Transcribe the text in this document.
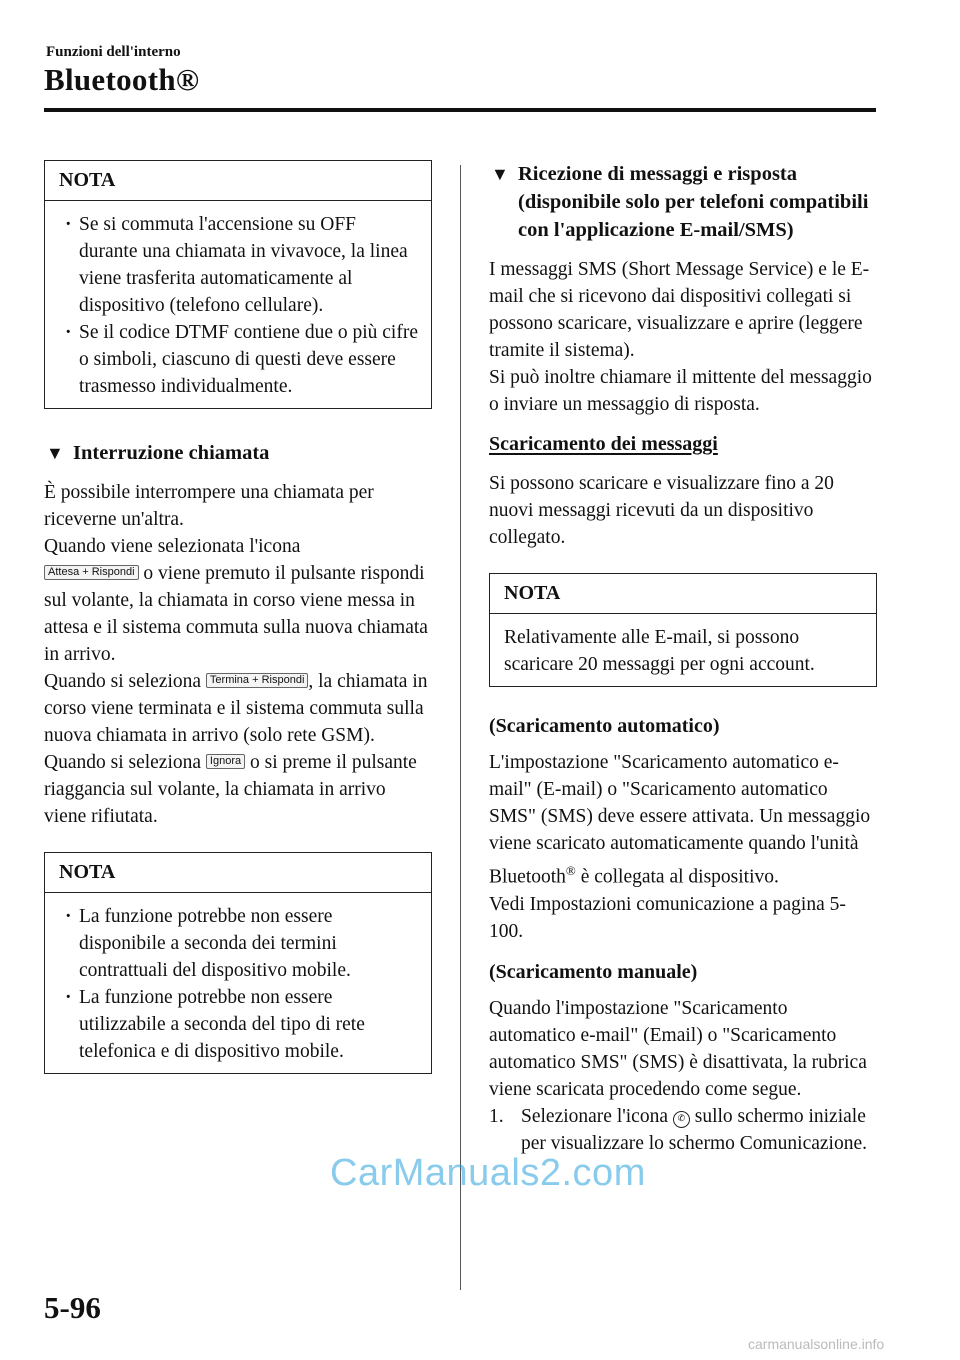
Funzioni dell'interno
Bluetooth®
NOTA

· Se si commuta l'accensione su OFF durante una chiamata in vivavoce, la linea viene trasferita automaticamente al dispositivo (telefono cellulare).

· Se il codice DTMF contiene due o più cifre o simboli, ciascuno di questi deve essere trasmesso individualmente.

▼ Interruzione chiamata

È possibile interrompere una chiamata per riceverne un'altra.

Quando viene selezionata l'icona
Attesa + Rispondi o viene premuto il pulsante rispondi sul volante, la chiamata in corso viene messa in attesa e il sistema commuta sulla nuova chiamata in arrivo.

Quando si seleziona Termina + Rispondi , la chiamata in corso viene terminata e il sistema commuta sulla nuova chiamata in arrivo (solo rete GSM).

Quando si seleziona Ignora o si preme il pulsante riaggancia sul volante, la chiamata in arrivo viene rifiutata.

NOTA

· La funzione potrebbe non essere disponibile a seconda dei termini contrattuali del dispositivo mobile.

· La funzione potrebbe non essere utilizzabile a seconda del tipo di rete telefonica e di dispositivo mobile.

▼ Ricezione di messaggi e risposta (disponibile solo per telefoni compatibili con l'applicazione E-mail/SMS)

I messaggi SMS (Short Message Service) e le E-mail che si ricevono dai dispositivi collegati si possono scaricare, visualizzare e aprire (leggere tramite il sistema).

Si può inoltre chiamare il mittente del messaggio o inviare un messaggio di risposta.

Scaricamento dei messaggi

Si possono scaricare e visualizzare fino a 20 nuovi messaggi ricevuti da un dispositivo collegato.

NOTA

Relativamente alle E-mail, si possono scaricare 20 messaggi per ogni account.

(Scaricamento automatico)

L'impostazione "Scaricamento automatico e-mail" (E-mail) o "Scaricamento automatico SMS" (SMS) deve essere attivata. Un messaggio viene scaricato automaticamente quando l'unità Bluetooth® è collegata al dispositivo.

Vedi Impostazioni comunicazione a pagina 5-100.

(Scaricamento manuale)

Quando l'impostazione "Scaricamento automatico e-mail" (Email) o "Scaricamento automatico SMS" (SMS) è disattivata, la rubrica viene scaricata procedendo come segue.

1. Selezionare l'icona ✆ sullo schermo iniziale per visualizzare lo schermo Comunicazione.
5-96
CarManuals2.com
carmanualsonline.info
